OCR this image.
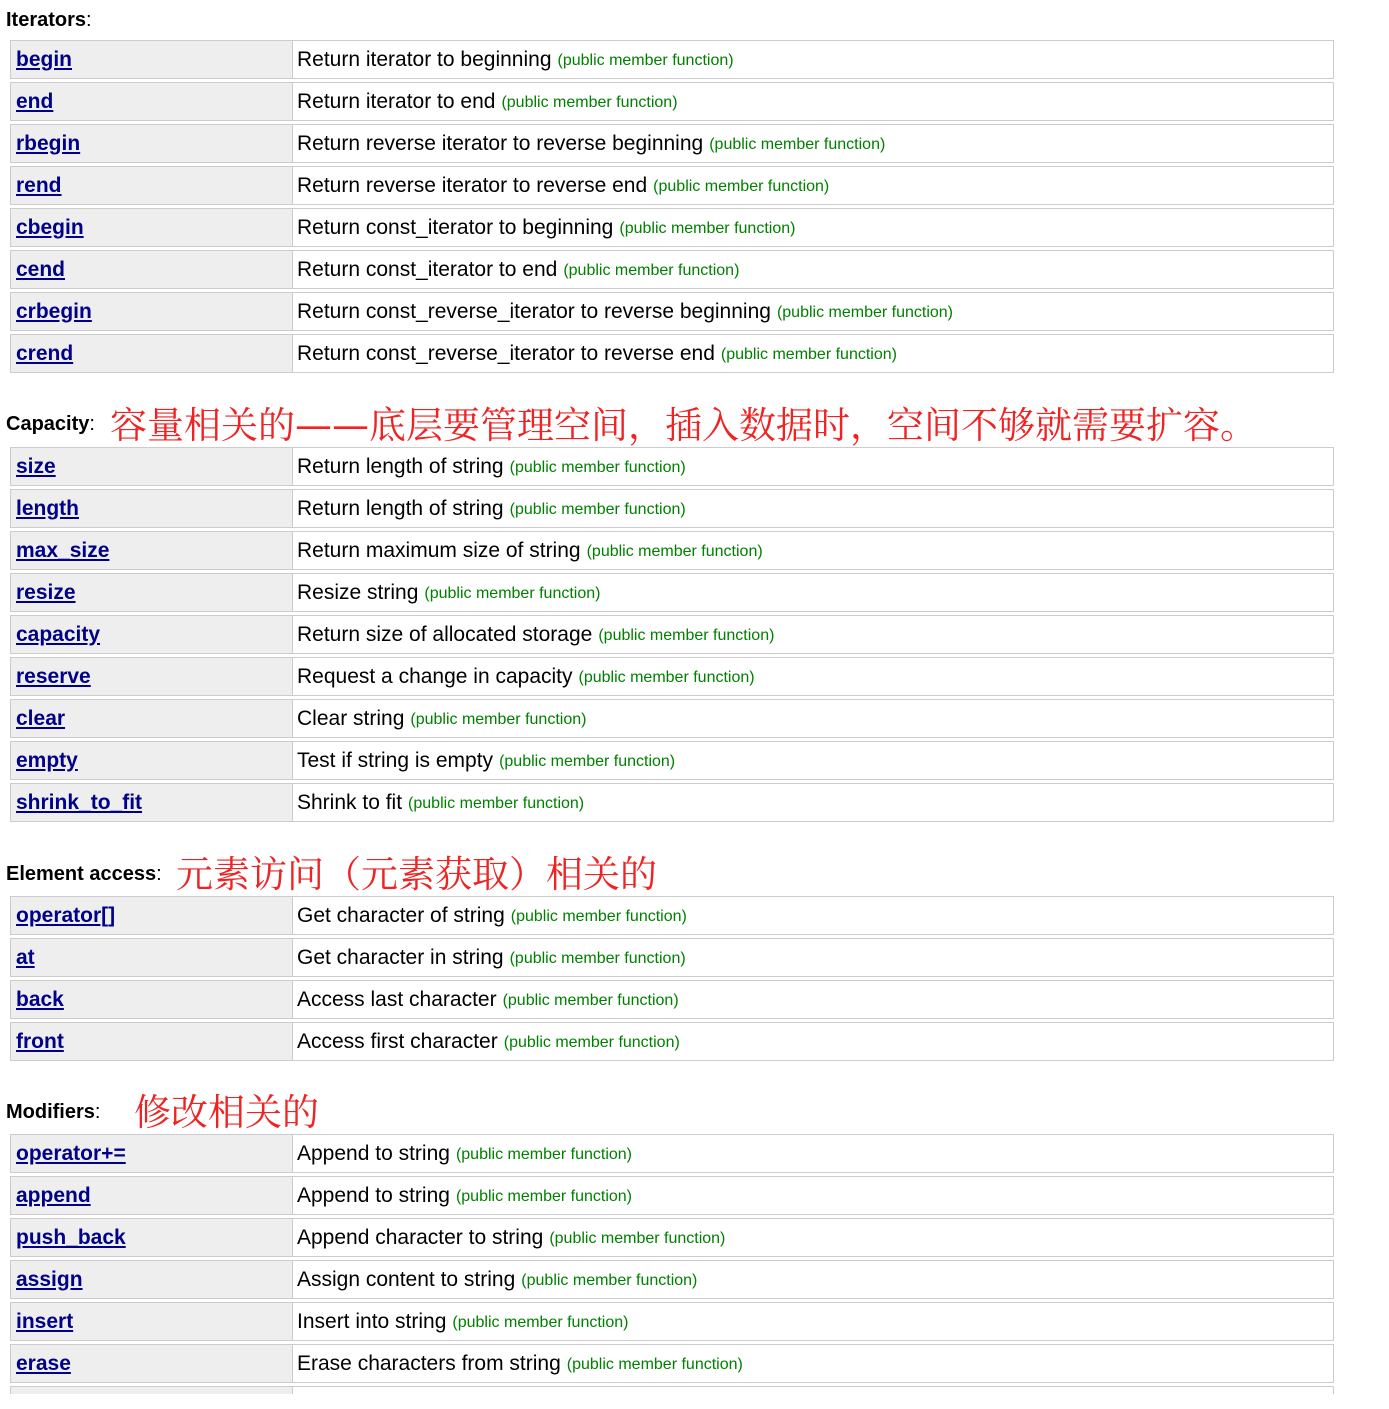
Iterators:
begin	Return iterator to beginning (public member function)
end	Return iterator to end (public member function)
rbegin	Return reverse iterator to reverse beginning (public member function)
rend	Return reverse iterator to reverse end (public member function)
cbegin	Return const_iterator to beginning (public member function)
cend	Return const_iterator to end (public member function)
crbegin	Return const_reverse_iterator to reverse beginning (public member function)
crend	Return const_reverse_iterator to reverse end (public member function)
Capacity: 容量相关的——底层要管理空间，插入数据时，空间不够就需要扩容。
size	Return length of string (public member function)
length	Return length of string (public member function)
max_size	Return maximum size of string (public member function)
resize	Resize string (public member function)
capacity	Return size of allocated storage (public member function)
reserve	Request a change in capacity (public member function)
clear	Clear string (public member function)
empty	Test if string is empty (public member function)
shrink_to_fit	Shrink to fit (public member function)
Element access: 元素访问（元素获取）相关的
operator[]	Get character of string (public member function)
at	Get character in string (public member function)
back	Access last character (public member function)
front	Access first character (public member function)
Modifiers: 修改相关的
operator+=	Append to string (public member function)
append	Append to string (public member function)
push_back	Append character to string (public member function)
assign	Assign content to string (public member function)
insert	Insert into string (public member function)
erase	Erase characters from string (public member function)
